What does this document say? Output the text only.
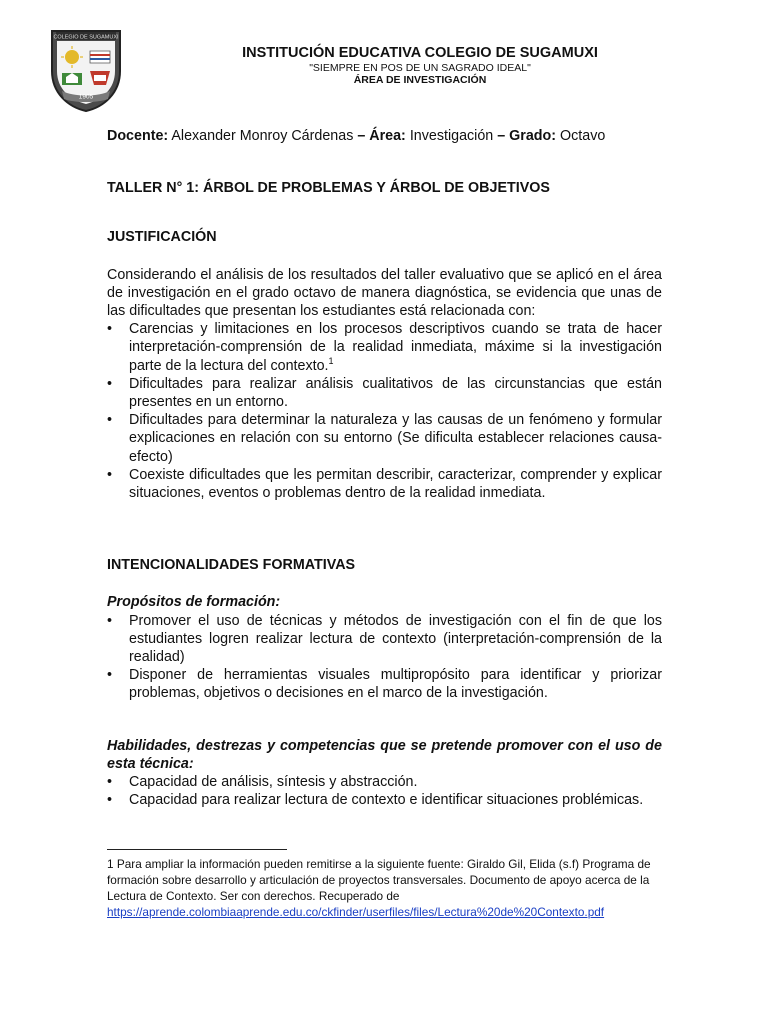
COLEGIO DE SUGAMUXI
1905
INSTITUCIÓN EDUCATIVA COLEGIO DE SUGAMUXI
"SIEMPRE EN POS DE UN SAGRADO IDEAL"
ÁREA DE INVESTIGACIÓN

Docente: Alexander Monroy Cárdenas – Área: Investigación – Grado: Octavo

TALLER N° 1: ÁRBOL DE PROBLEMAS Y ÁRBOL DE OBJETIVOS
JUSTIFICACIÓN

Considerando el análisis de los resultados del taller evaluativo que se aplicó en el área de investigación en el grado octavo de manera diagnóstica, se evidencia que unas de las dificultades que presentan los estudiantes está relacionada con:

• Carencias y limitaciones en los procesos descriptivos cuando se trata de hacer interpretación-comprensión de la realidad inmediata, máxime si la investigación parte de la lectura del contexto.$^1$
• Dificultades para realizar análisis cualitativos de las circunstancias que están presentes en un entorno.
• Dificultades para determinar la naturaleza y las causas de un fenómeno y formular explicaciones en relación con su entorno (Se dificulta establecer relaciones causa-efecto)
• Coexiste dificultades que les permitan describir, caracterizar, comprender y explicar situaciones, eventos o problemas dentro de la realidad inmediata.
INTENCIONALIDADES FORMATIVAS

Propósitos de formación:

• Promover el uso de técnicas y métodos de investigación con el fin de que los estudiantes logren realizar lectura de contexto (interpretación-comprensión de la realidad)
• Disponer de herramientas visuales multipropósito para identificar y priorizar problemas, objetivos o decisiones en el marco de la investigación.

Habilidades, destrezas y competencias que se pretende promover con el uso de esta técnica:

• Capacidad de análisis, síntesis y abstracción.
• Capacidad para realizar lectura de contexto e identificar situaciones problémicas.
1 Para ampliar la información pueden remitirse a la siguiente fuente: Giraldo Gil, Elida (s.f) Programa de formación sobre desarrollo y articulación de proyectos transversales. Documento de apoyo acerca de la Lectura de Contexto. Ser con derechos. Recuperado de https://aprende.colombiaaprende.edu.co/ckfinder/userfiles/files/Lectura%20de%20Contexto.pdf
